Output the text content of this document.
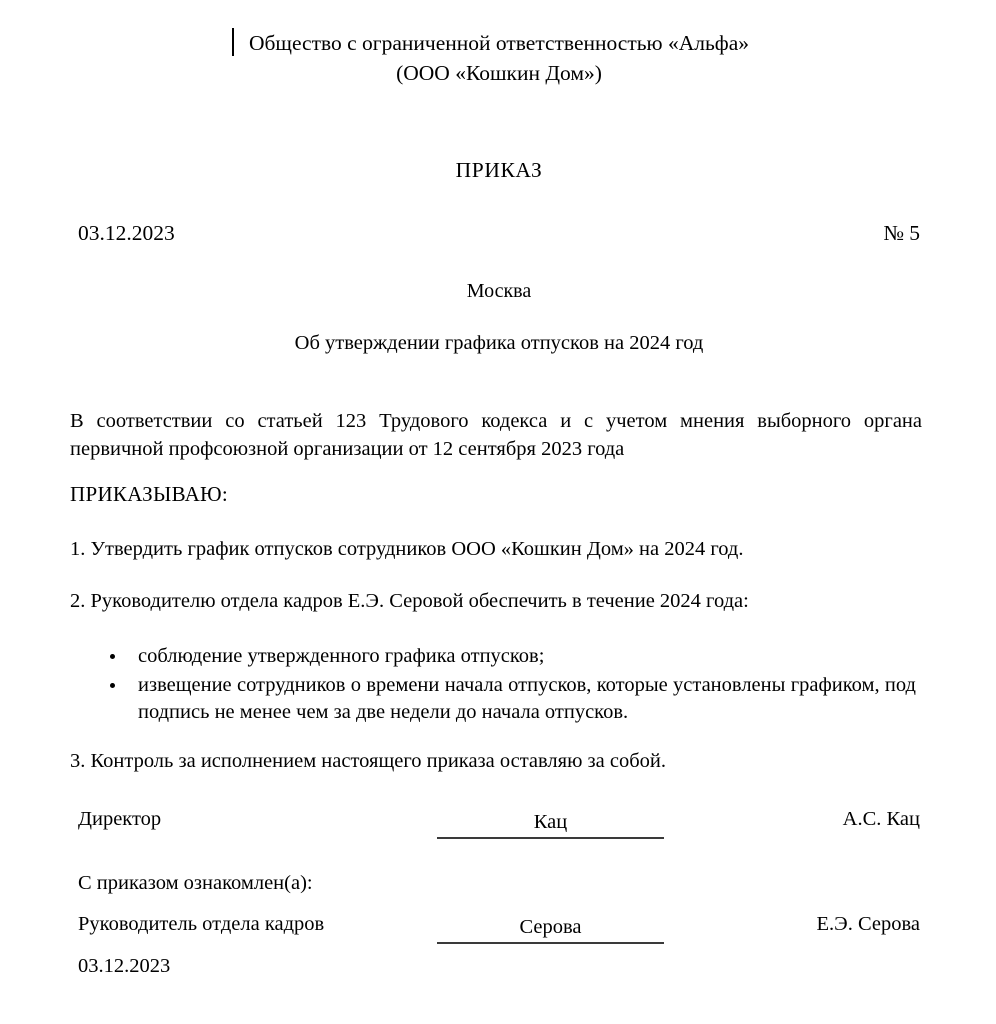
Общество с ограниченной ответственностью «Альфа»
(ООО «Кошкин Дом»)
ПРИКАЗ
03.12.2023	№ 5
Москва
Об утверждении графика отпусков на 2024 год
В соответствии со статьей 123 Трудового кодекса и с учетом мнения выборного органа первичной профсоюзной организации от 12 сентября 2023 года
ПРИКАЗЫВАЮ:
1. Утвердить график отпусков сотрудников ООО «Кошкин Дом» на 2024 год.
2. Руководителю отдела кадров Е.Э. Серовой обеспечить в течение 2024 года:
соблюдение утвержденного графика отпусков;
извещение сотрудников о времени начала отпусков, которые установлены графиком, под подпись не менее чем за две недели до начала отпусков.
3. Контроль за исполнением настоящего приказа оставляю за собой.
Директор	Кац	А.С. Кац
С приказом ознакомлен(а):
Руководитель отдела кадров	Серова	Е.Э. Серова
03.12.2023
